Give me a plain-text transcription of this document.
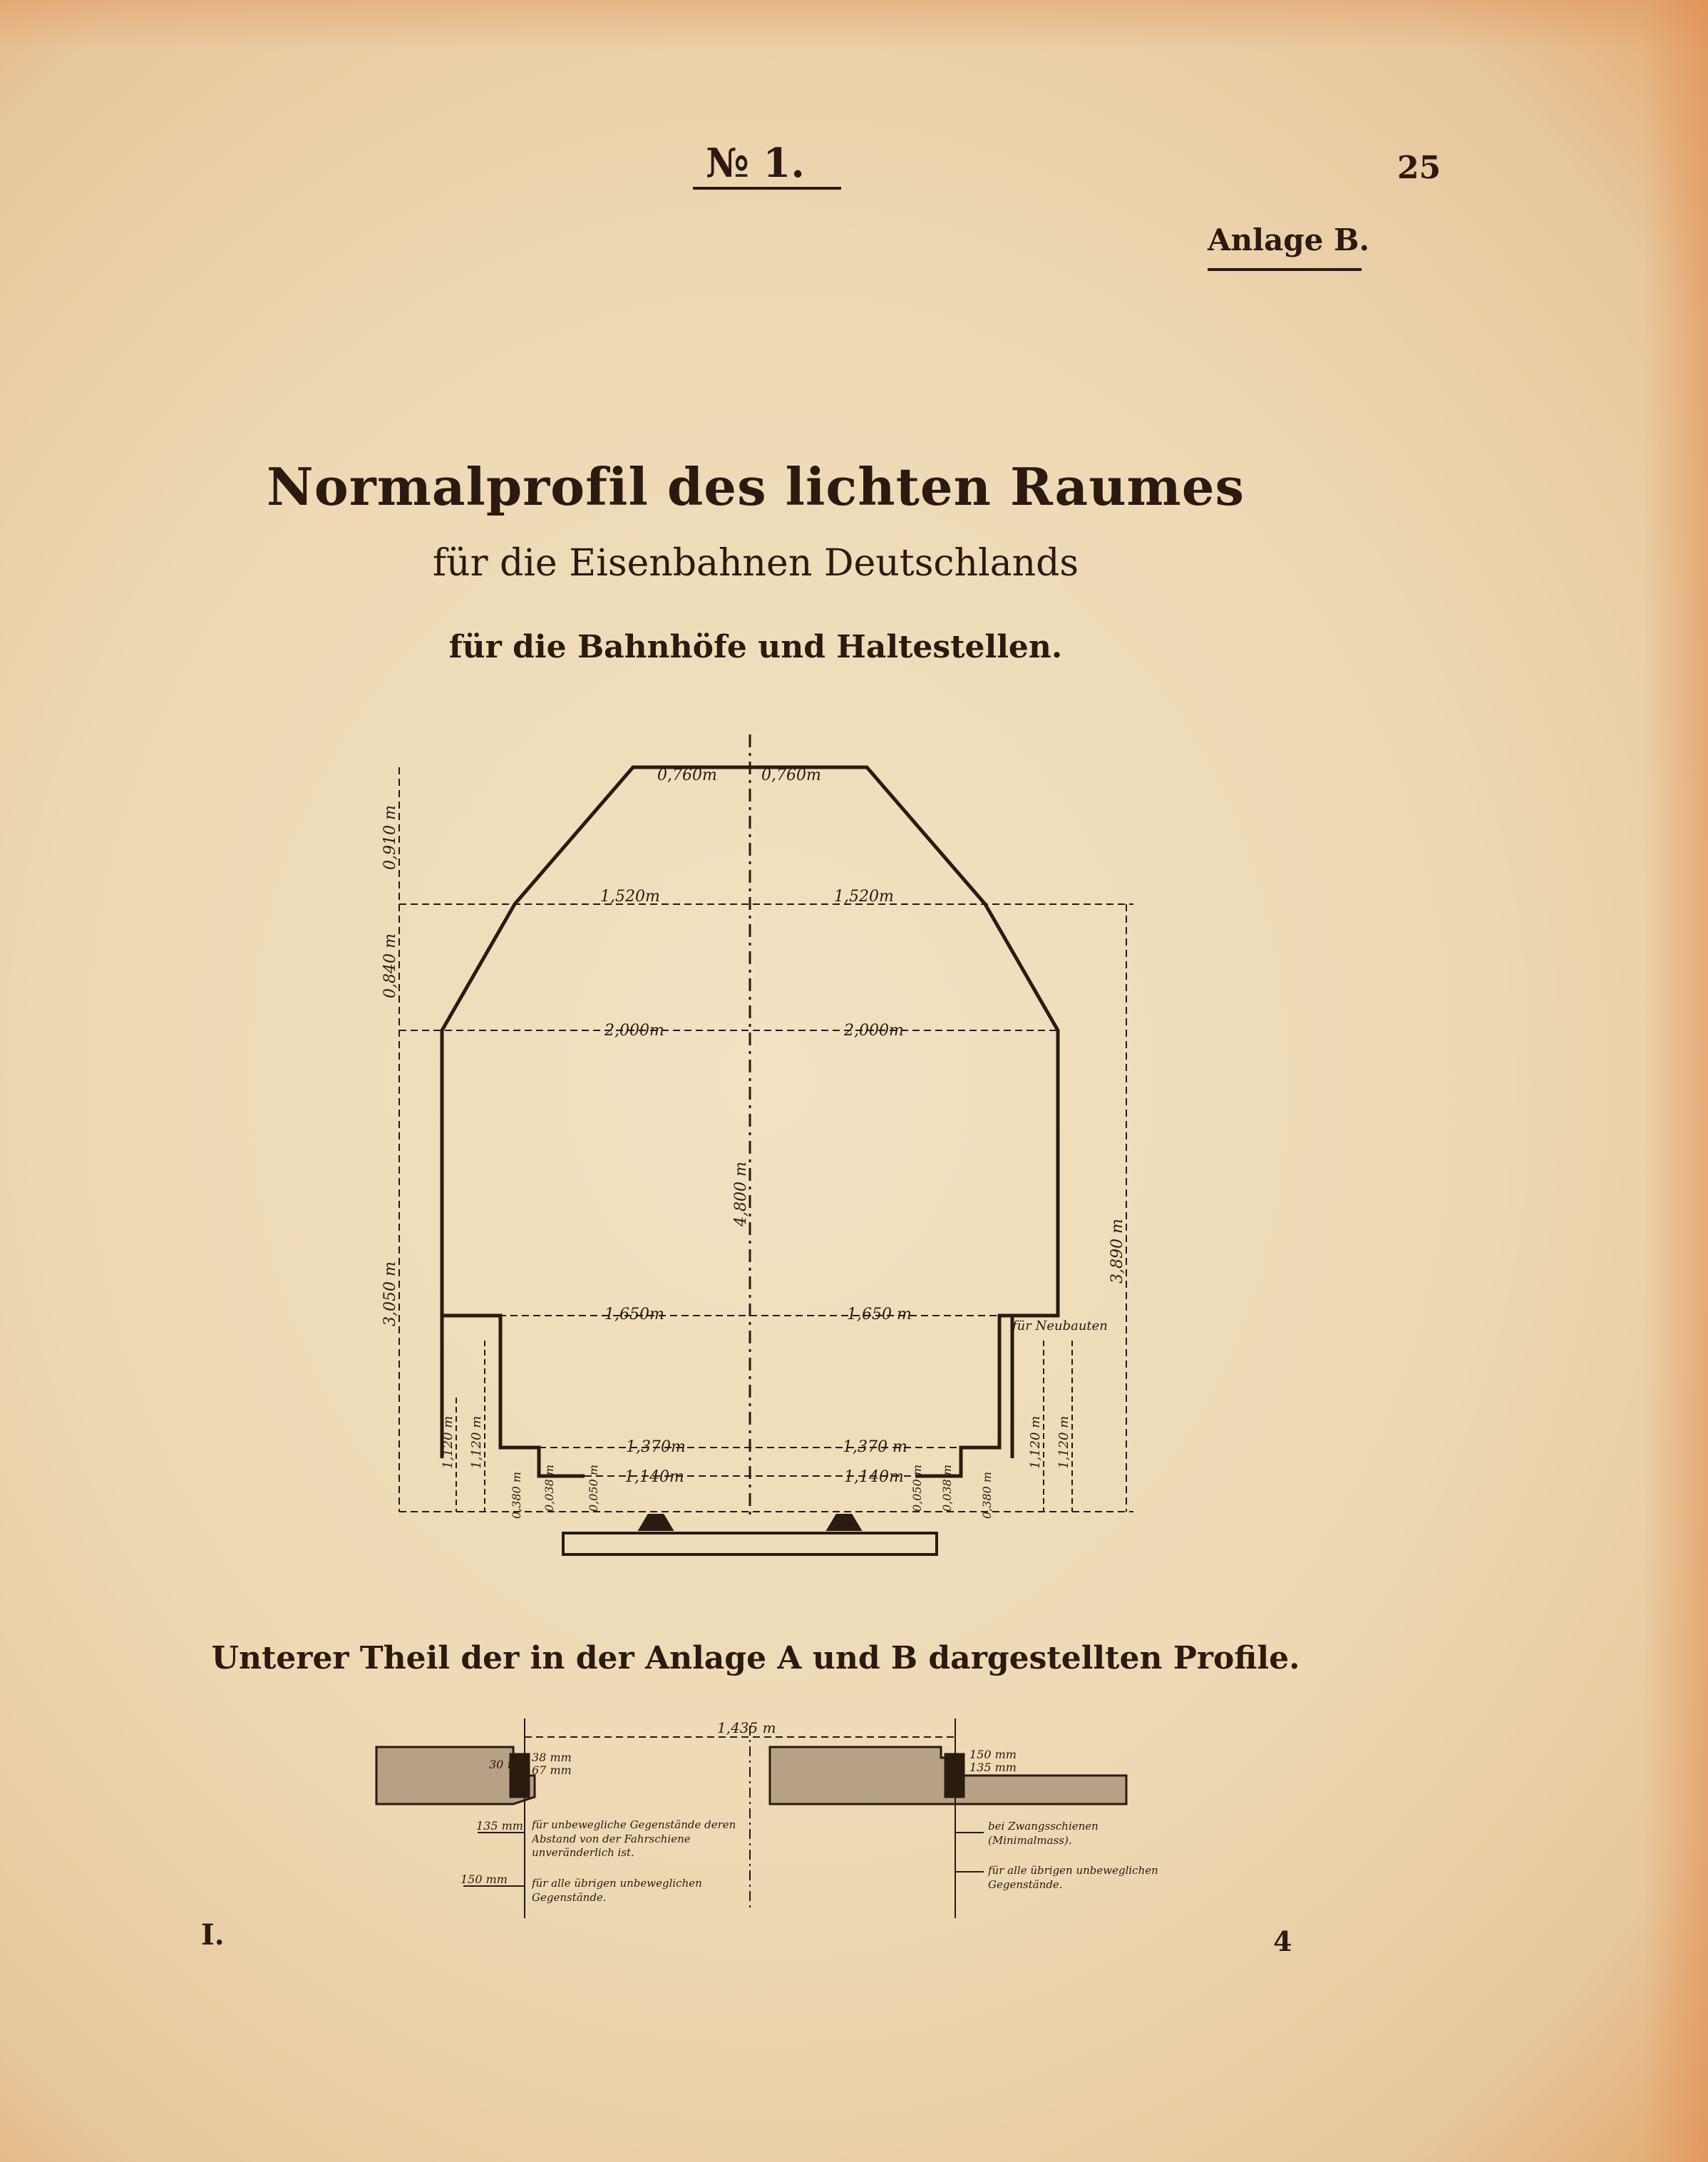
№ 1.	25
Anlage B.
Normalprofil des lichten Raumes
für die Eisenbahnen Deutschlands
für die Bahnhöfe und Haltestellen.
0,760m	0,760m
1,520m	1,520m
2,000m	2,000m
1,650m	1,650 m
1,370m	1,370 m
1,140m	1,140m
für Neubauten
0,910 m
0,840 m
3,050 m
4,800 m
3,890 m
1,120 m 1,120 m	1,120 m 1,120 m
0,380 m 0,038 m	0,050 m	0,050 m 0,038 m 0,380 m
Unterer Theil der in der Anlage A und B dargestellten Profile.
1,435 m
30 mm
38 mm
67 mm
135 mm
150 mm
für unbewegliche Gegenstände deren Abstand von der Fahrschiene unveränderlich ist.
für alle übrigen unbeweglichen Gegenstände.
150 mm
135 mm
bei Zwangsschienen (Minimalmass).
für alle übrigen unbeweglichen Gegenstände.
I.	4
